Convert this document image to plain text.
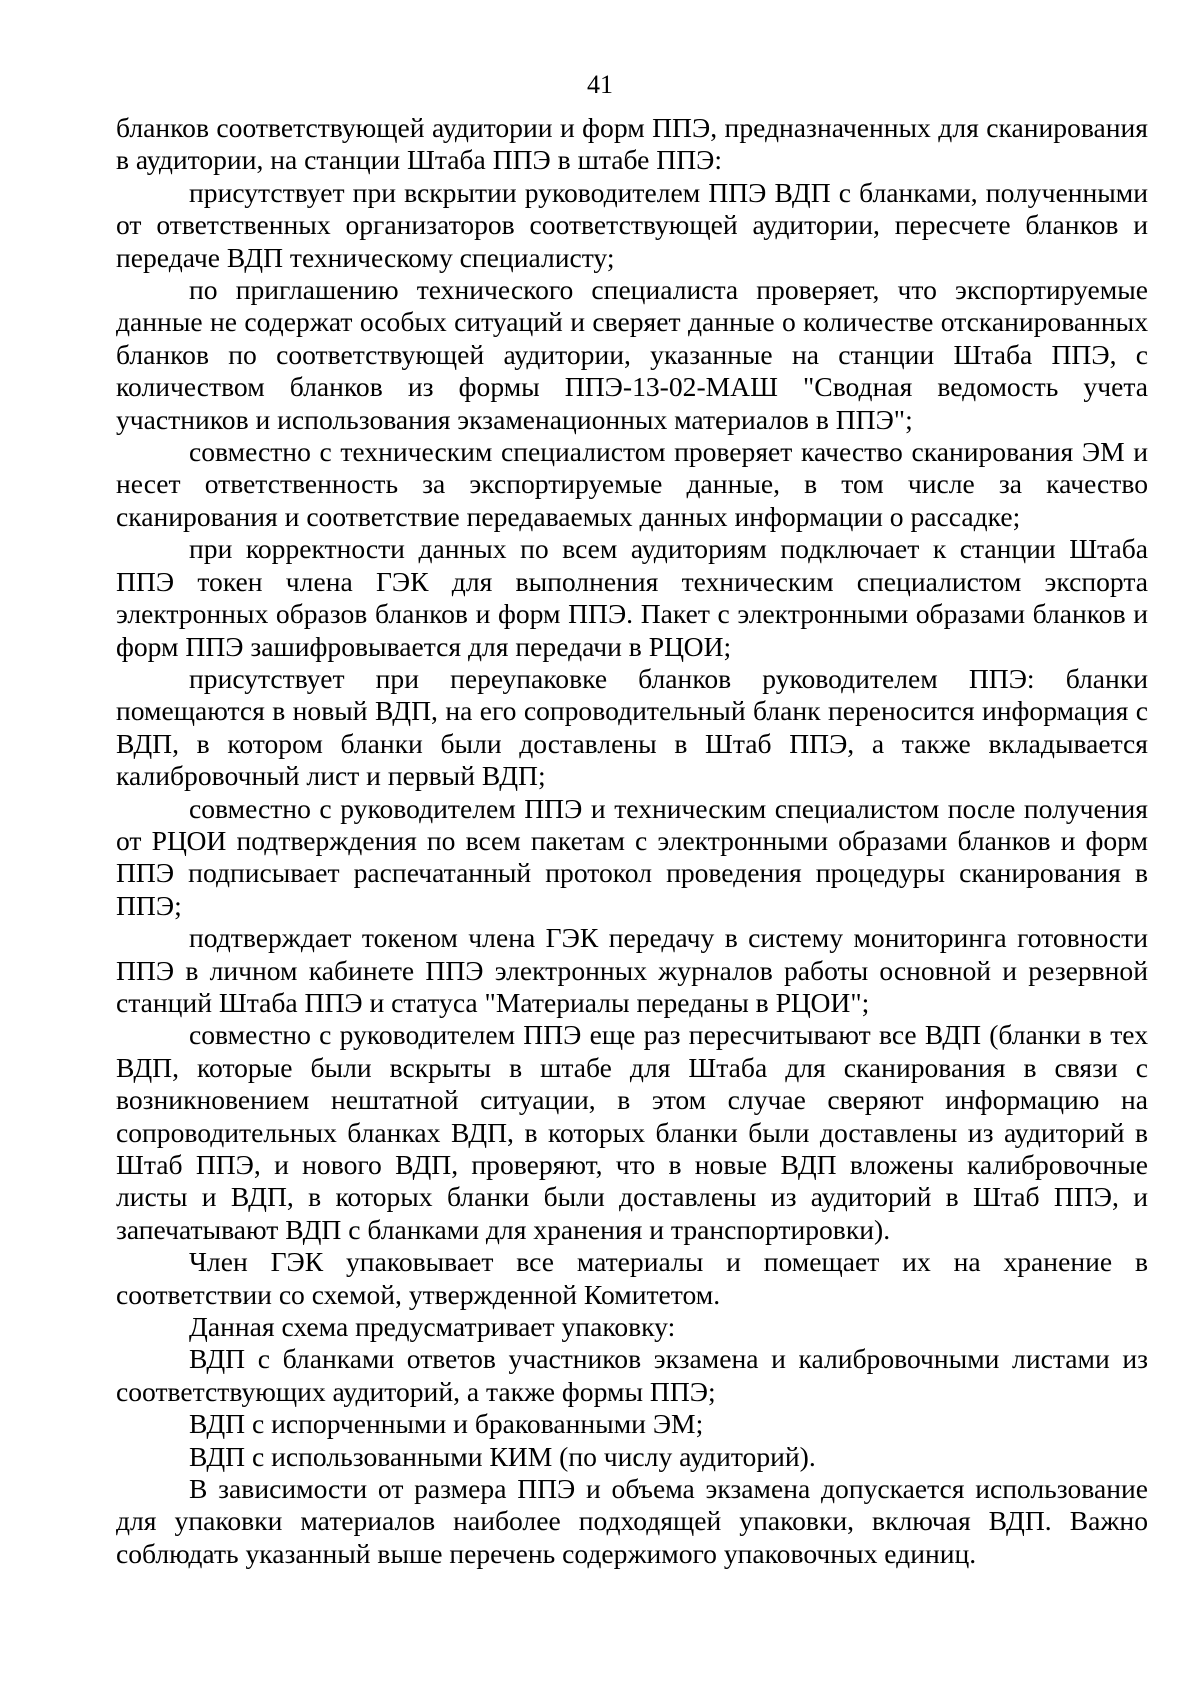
41

бланков соответствующей аудитории и форм ППЭ, предназначенных для сканирования в аудитории, на станции Штаба ППЭ в штабе ППЭ:

присутствует при вскрытии руководителем ППЭ ВДП с бланками, полученными от ответственных организаторов соответствующей аудитории, пересчете бланков и передаче ВДП техническому специалисту;

по приглашению технического специалиста проверяет, что экспортируемые данные не содержат особых ситуаций и сверяет данные о количестве отсканированных бланков по соответствующей аудитории, указанные на станции Штаба ППЭ, с количеством бланков из формы ППЭ-13-02-МАШ "Сводная ведомость учета участников и использования экзаменационных материалов в ППЭ";

совместно с техническим специалистом проверяет качество сканирования ЭМ и несет ответственность за экспортируемые данные, в том числе за качество сканирования и соответствие передаваемых данных информации о рассадке;

при корректности данных по всем аудиториям подключает к станции Штаба ППЭ токен члена ГЭК для выполнения техническим специалистом экспорта электронных образов бланков и форм ППЭ. Пакет с электронными образами бланков и форм ППЭ зашифровывается для передачи в РЦОИ;

присутствует при переупаковке бланков руководителем ППЭ: бланки помещаются в новый ВДП, на его сопроводительный бланк переносится информация с ВДП, в котором бланки были доставлены в Штаб ППЭ, а также вкладывается калибровочный лист и первый ВДП;

совместно с руководителем ППЭ и техническим специалистом после получения от РЦОИ подтверждения по всем пакетам с электронными образами бланков и форм ППЭ подписывает распечатанный протокол проведения процедуры сканирования в ППЭ;

подтверждает токеном члена ГЭК передачу в систему мониторинга готовности ППЭ в личном кабинете ППЭ электронных журналов работы основной и резервной станций Штаба ППЭ и статуса "Материалы переданы в РЦОИ";

совместно с руководителем ППЭ еще раз пересчитывают все ВДП (бланки в тех ВДП, которые были вскрыты в штабе для Штаба для сканирования в связи с возникновением нештатной ситуации, в этом случае сверяют информацию на сопроводительных бланках ВДП, в которых бланки были доставлены из аудиторий в Штаб ППЭ, и нового ВДП, проверяют, что в новые ВДП вложены калибровочные листы и ВДП, в которых бланки были доставлены из аудиторий в Штаб ППЭ, и запечатывают ВДП с бланками для хранения и транспортировки).

Член ГЭК упаковывает все материалы и помещает их на хранение в соответствии со схемой, утвержденной Комитетом.

Данная схема предусматривает упаковку:

ВДП с бланками ответов участников экзамена и калибровочными листами из соответствующих аудиторий, а также формы ППЭ;

ВДП с испорченными и бракованными ЭМ;

ВДП с использованными КИМ (по числу аудиторий).

В зависимости от размера ППЭ и объема экзамена допускается использование для упаковки материалов наиболее подходящей упаковки, включая ВДП. Важно соблюдать указанный выше перечень содержимого упаковочных единиц.
